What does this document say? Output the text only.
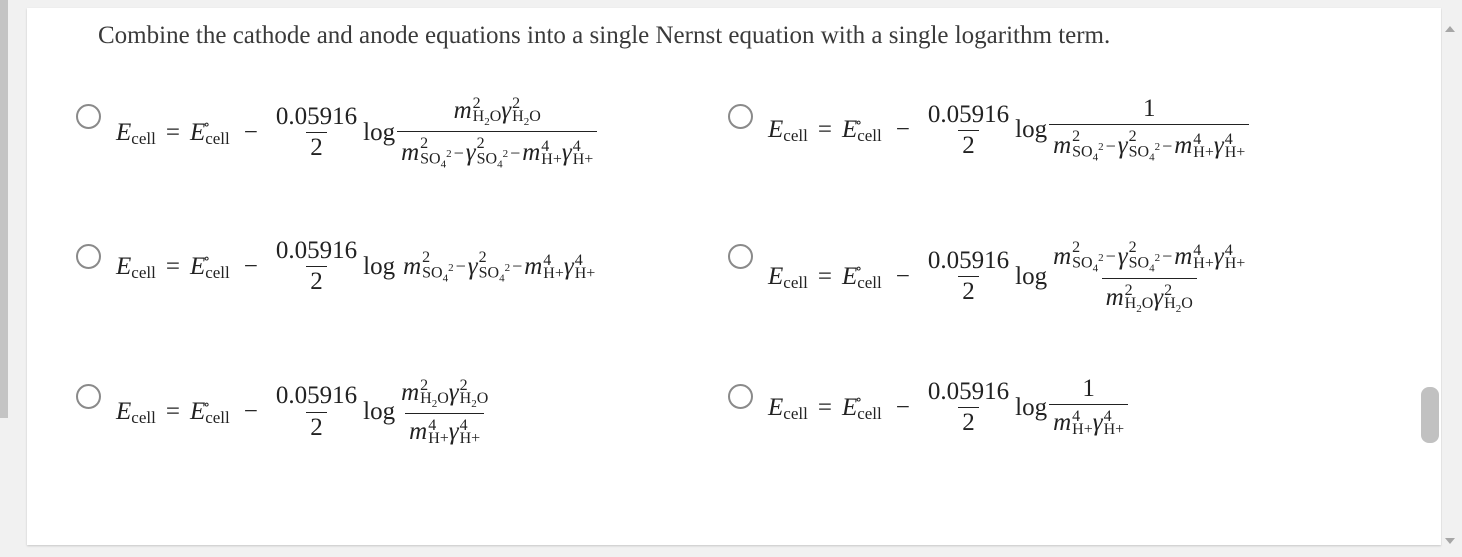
Combine the cathode and anode equations into a single Nernst equation with a single logarithm term.
E cell = E
∘
cell − $\frac{0.05916}{2}$ log m 2
$H_2O$ γ 2
$H_2O$
m 2
$SO_4^2 - \gamma$ 2
$SO_4^2 - m$ 4
H+ γ 4
H+	E cell = E
∘
cell − $\frac{0.05916}{2}$ log 1
m 2
$SO_4^2 - \gamma$ 2
$SO_4^2 - m$ 4
H+ γ 4
H+
E cell = E
∘
cell − $\frac{0.05916}{2}$ log m 2
$SO_4^2 - \gamma$ 2
$SO_4^2 - m$ 4
H+ γ 4
H+	E cell = E
∘
cell − $\frac{0.05916}{2}$ log m 2
$SO_4^2 - \gamma$ 2
$SO_4^2 - m$ 4
H+ γ 4
H+
m 2
$H_2O$ γ 2
$H_2O$
E cell = E
∘
cell − $\frac{0.05916}{2}$ log m 2
$H_2O$ γ 2
$H_2O$
m 4
H+ γ 4
H+	E cell = E
∘
cell − $\frac{0.05916}{2}$ log 1
m 4
H+ γ 4
H+
